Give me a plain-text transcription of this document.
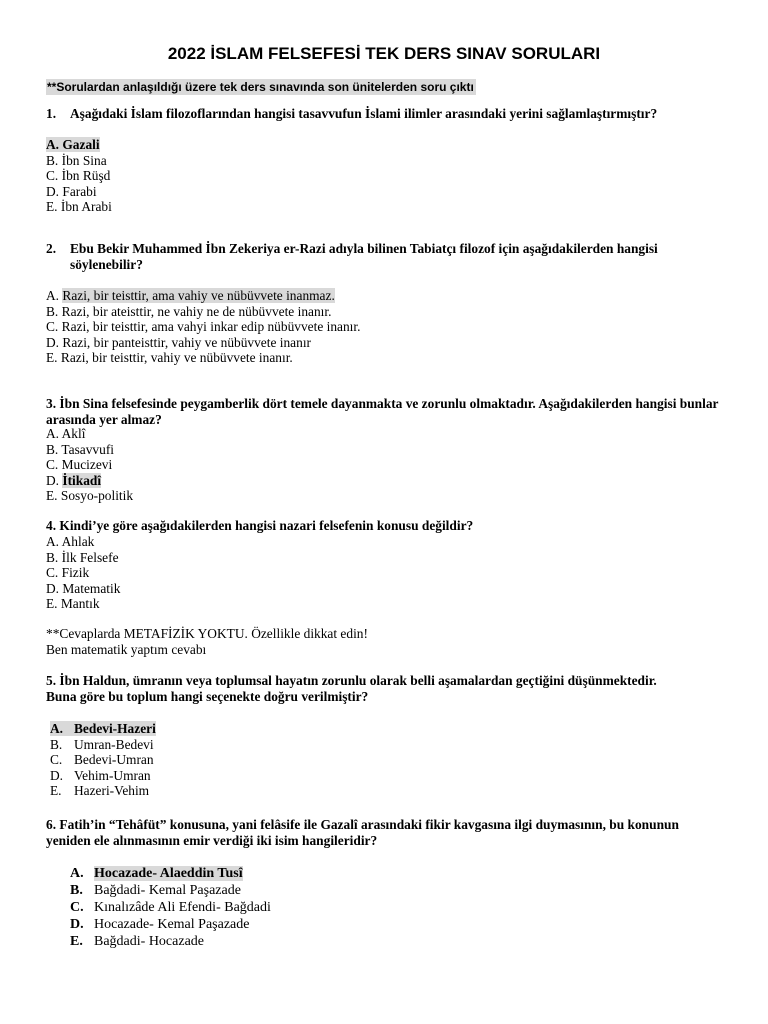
2022 İSLAM FELSEFESİ TEK DERS SINAV SORULARI
**Sorulardan anlaşıldığı üzere tek ders sınavında son ünitelerden soru çıktı
1. Aşağıdaki İslam filozoflarından hangisi tasavvufun İslami ilimler arasındaki yerini sağlamlaştırmıştır?
A. Gazali
B. İbn Sina
C. İbn Rüşd
D. Farabi
E. İbn Arabi
2. Ebu Bekir Muhammed İbn Zekeriya er-Razi adıyla bilinen Tabiatçı filozof için aşağıdakilerden hangisi söylenebilir?
A. Razi, bir teisttir, ama vahiy ve nübüvvete inanmaz.
B. Razi, bir ateisttir, ne vahiy ne de nübüvvete inanır.
C. Razi, bir teisttir, ama vahyi inkar edip nübüvvete inanır.
D. Razi, bir panteisttir, vahiy ve nübüvvete inanır
E. Razi, bir teisttir, vahiy ve nübüvvete inanır.
3. İbn Sina felsefesinde peygamberlik dört temele dayanmakta ve zorunlu olmaktadır. Aşağıdakilerden hangisi bunlar arasında yer almaz?
A. Aklî
B. Tasavvufi
C. Mucizevi
D. İtikadî
E. Sosyo-politik
4. Kindi’ye göre aşağıdakilerden hangisi nazari felsefenin konusu değildir?
A. Ahlak
B. İlk Felsefe
C. Fizik
D. Matematik
E. Mantık
**Cevaplarda METAFİZİK YOKTU. Özellikle dikkat edin!
Ben matematik yaptım cevabı
5. İbn Haldun, ümranın veya toplumsal hayatın zorunlu olarak belli aşamalardan geçtiğini düşünmektedir. Buna göre bu toplum hangi seçenekte doğru verilmiştir?
A. Bedevi-Hazeri
B. Umran-Bedevi
C. Bedevi-Umran
D. Vehim-Umran
E. Hazeri-Vehim
6. Fatih’in “Tehâfüt” konusuna, yani felâsife ile Gazalî arasındaki fikir kavgasına ilgi duymasının, bu konunun yeniden ele alınmasının emir verdiği iki isim hangileridir?
A. Hocazade- Alaeddin Tusî
B. Bağdadi- Kemal Paşazade
C. Kınalızâde Ali Efendi- Bağdadi
D. Hocazade- Kemal Paşazade
E. Bağdadi- Hocazade
